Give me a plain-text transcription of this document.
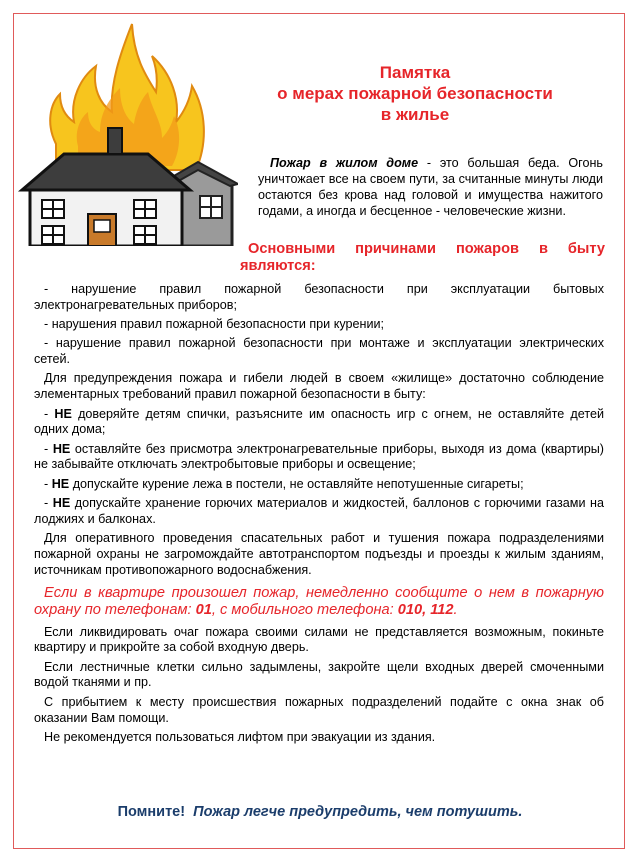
Памятка
о мерах пожарной безопасности
в жилье
Пожар в жилом доме - это большая беда. Огонь уничтожает все на своем пути, за считанные минуты люди остаются без крова над головой и имущества нажитого годами, а иногда и бесценное - человеческие жизни.
Основными причинами пожаров в быту являются:

- нарушение правил пожарной безопасности при эксплуатации бытовых электронагревательных приборов;

- нарушения правил пожарной безопасности при курении;

- нарушение правил пожарной безопасности при монтаже и эксплуатации электрических сетей.

Для предупреждения пожара и гибели людей в своем «жилище» достаточно соблюдение элементарных требований правил пожарной безопасности в быту:

- НЕ доверяйте детям спички, разъясните им опасность игр с огнем, не оставляйте детей одних дома;

- НЕ оставляйте без присмотра электронагревательные приборы, выходя из дома (квартиры) не забывайте отключать электробытовые приборы и освещение;

- НЕ допускайте курение лежа в постели, не оставляйте непотушенные сигареты;

- НЕ допускайте хранение горючих материалов и жидкостей, баллонов с горючими газами на лоджиях и балконах.

Для оперативного проведения спасательных работ и тушения пожара подразделениями пожарной охраны не загромождайте автотранспортом подъезды и проезды к жилым зданиям, источникам противопожарного водоснабжения.

Если в квартире произошел пожар, немедленно сообщите о нем в пожарную охрану по телефонам: 01, с мобильного телефона: 010, 112.

Если ликвидировать очаг пожара своими силами не представляется возможным, покиньте квартиру и прикройте за собой входную дверь.

Если лестничные клетки сильно задымлены, закройте щели входных дверей смоченными водой тканями и пр.

С прибытием к месту происшествия пожарных подразделений подайте с окна знак об оказании Вам помощи.

Не рекомендуется пользоваться лифтом при эвакуации из здания.

Помните! Пожар легче предупредить, чем потушить.
